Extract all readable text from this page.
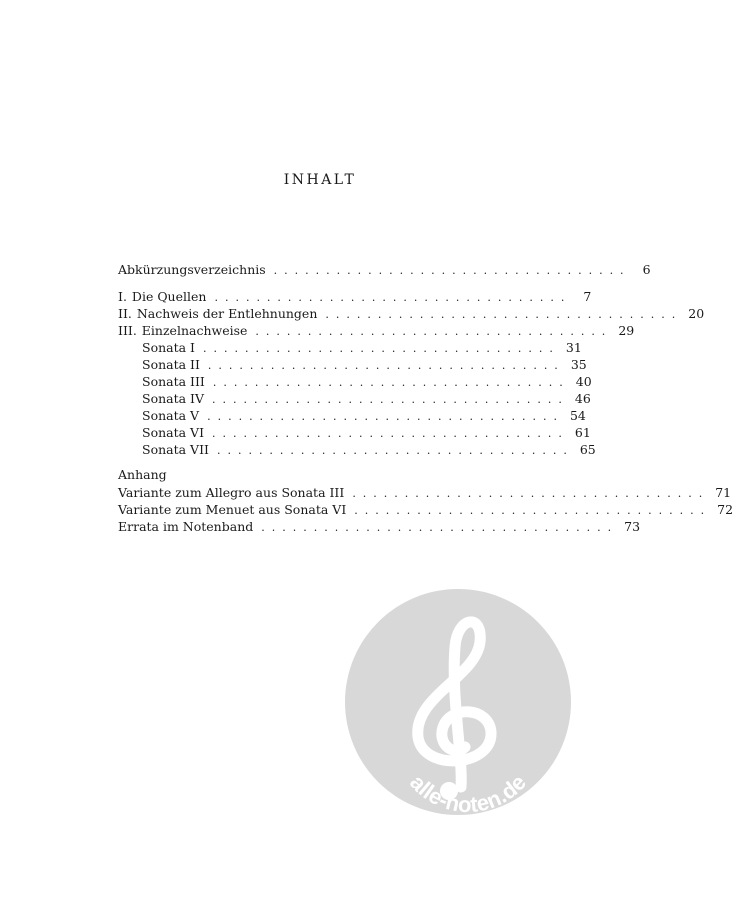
INHALT
Abkürzungsverzeichnis .................................. 6
I. Die Quellen .................................. 7
II. Nachweis der Entlehnungen .................................. 20
III. Einzelnachweise .................................. 29
Sonata I .................................. 31
Sonata II .................................. 35
Sonata III .................................. 40
Sonata IV .................................. 46
Sonata V .................................. 54
Sonata VI .................................. 61
Sonata VII .................................. 65
Anhang
Variante zum Allegro aus Sonata III .................................. 71
Variante zum Menuet aus Sonata VI .................................. 72
Errata im Notenband .................................. 73
alle-noten.de
